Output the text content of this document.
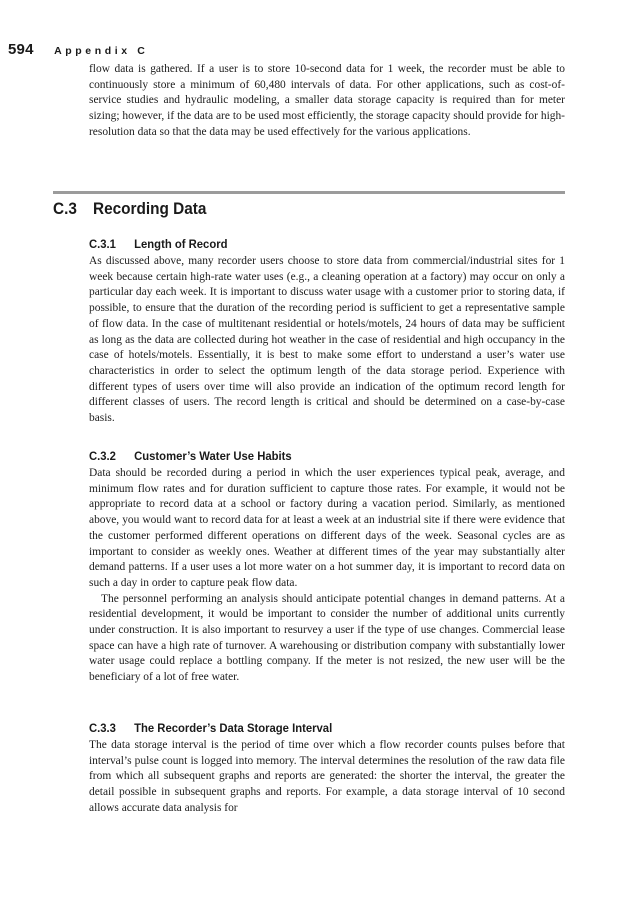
594 Appendix C

flow data is gathered. If a user is to store 10-second data for 1 week, the recorder must be able to continuously store a minimum of 60,480 intervals of data. For other applications, such as cost-of-service studies and hydraulic modeling, a smaller data storage capacity is required than for meter sizing; however, if the data are to be used most efficiently, the storage capacity should provide for high-resolution data so that the data may be used effectively for the various applications.

C.3 Recording Data
C.3.1 Length of Record

As discussed above, many recorder users choose to store data from commercial/industrial sites for 1 week because certain high-rate water uses (e.g., a cleaning operation at a factory) may occur on only a particular day each week. It is important to discuss water usage with a customer prior to storing data, if possible, to ensure that the duration of the recording period is sufficient to get a representative sample of flow data. In the case of multitenant residential or hotels/motels, 24 hours of data may be sufficient as long as the data are collected during hot weather in the case of residential and high occupancy in the case of hotels/motels. Essentially, it is best to make some effort to understand a user’s water use characteristics in order to select the optimum length of the data storage period. Experience with different types of users over time will also provide an indication of the optimum record length for different classes of users. The record length is critical and should be determined on a case-by-case basis.

C.3.2 Customer’s Water Use Habits

Data should be recorded during a period in which the user experiences typical peak, average, and minimum flow rates and for duration sufficient to capture those rates. For example, it would not be appropriate to record data at a school or factory during a vacation period. Similarly, as mentioned above, you would want to record data for at least a week at an industrial site if there were evidence that the customer performed different operations on different days of the week. Seasonal cycles are as important to consider as weekly ones. Weather at different times of the year may substantially alter demand patterns. If a user uses a lot more water on a hot summer day, it is important to record data on such a day in order to capture peak flow data.

The personnel performing an analysis should anticipate potential changes in demand patterns. At a residential development, it would be important to consider the number of additional units currently under construction. It is also important to resurvey a user if the type of use changes. Commercial lease space can have a high rate of turnover. A warehousing or distribution company with substantially lower water usage could replace a bottling company. If the meter is not resized, the new user will be the beneficiary of a lot of free water.

C.3.3 The Recorder’s Data Storage Interval

The data storage interval is the period of time over which a flow recorder counts pulses before that interval’s pulse count is logged into memory. The interval determines the resolution of the raw data file from which all subsequent graphs and reports are generated: the shorter the interval, the greater the detail possible in subsequent graphs and reports. For example, a data storage interval of 10 second allows accurate data analysis for
